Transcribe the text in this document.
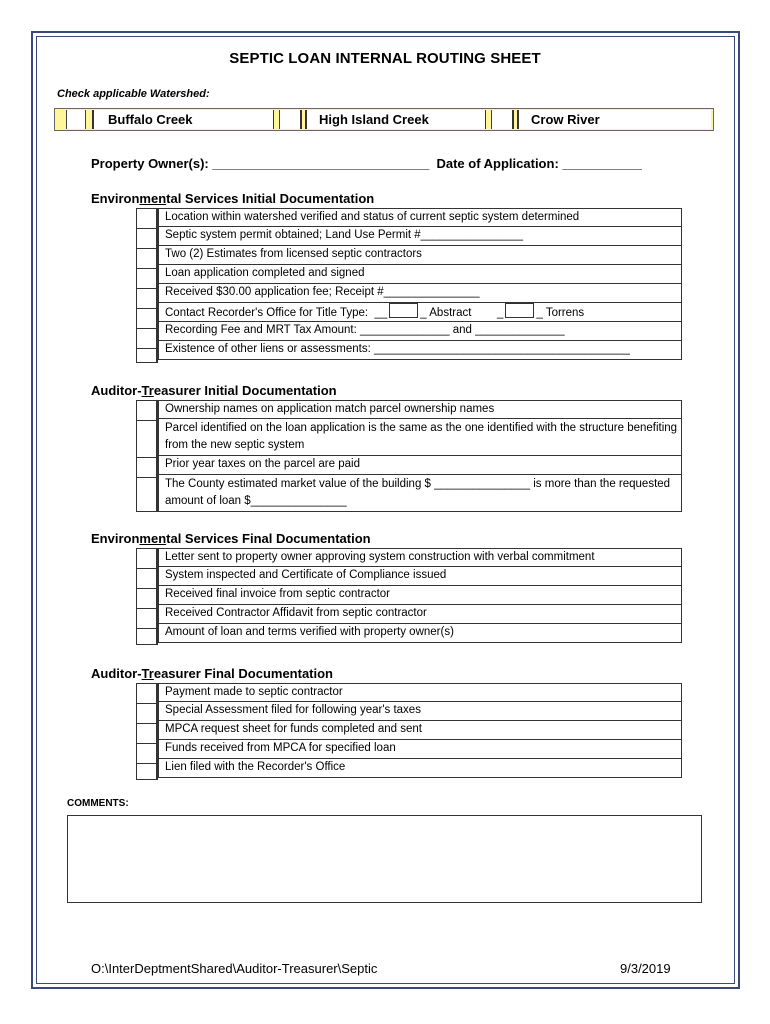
SEPTIC LOAN INTERNAL ROUTING SHEET
Check applicable Watershed:
Buffalo Creek	High Island Creek	Crow River
Property Owner(s): ______________________________  Date of Application: ___________
Environmental Services Initial Documentation
Location within watershed verified and status of current septic system determined
Septic system permit obtained; Land Use Permit #________________
Two (2) Estimates from licensed septic contractors
Loan application completed and signed
Received $30.00 application fee; Receipt #_______________
Contact Recorder's Office for Title Type:  __	_ Abstract        _	_ Torrens
Recording Fee and MRT Tax Amount: ______________ and ______________
Existence of other liens or assessments: ________________________________________
Auditor-Treasurer Initial Documentation
Ownership names on application match parcel ownership names
Parcel identified on the loan application is the same as the one identified with the structure benefiting from the new septic system
Prior year taxes on the parcel are paid
The County estimated market value of the building $ _______________ is more than the requested amount of loan $_______________
Environmental Services Final Documentation
Letter sent to property owner approving system construction with verbal commitment
System inspected and Certificate of Compliance issued
Received final invoice from septic contractor
Received Contractor Affidavit from septic contractor
Amount of loan and terms verified with property owner(s)
Auditor-Treasurer Final Documentation
Payment made to septic contractor
Special Assessment filed for following year's taxes
MPCA request sheet for funds completed and sent
Funds received from MPCA for specified loan
Lien filed with the Recorder's Office
COMMENTS:
O:\InterDeptmentShared\Auditor-Treasurer\Septic	9/3/2019
